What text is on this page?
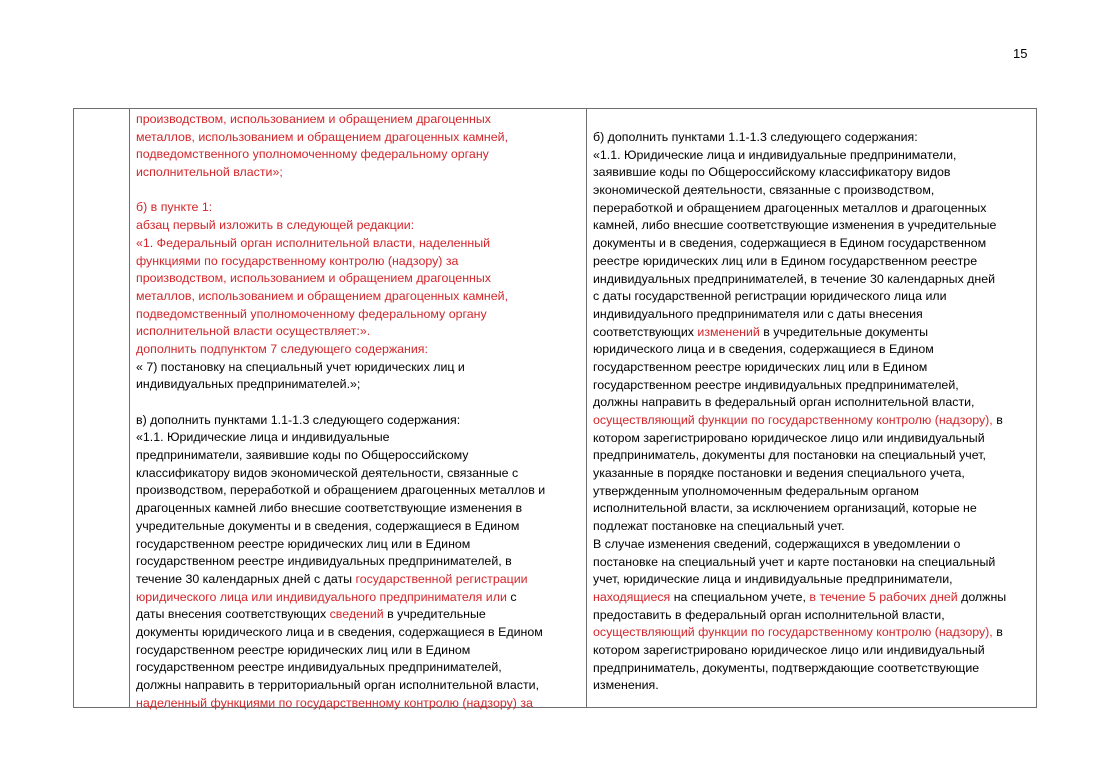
15
производством, использованием и обращением драгоценных
металлов, использованием и обращением драгоценных камней,
подведомственного уполномоченному федеральному органу
исполнительной власти»;
б) в пункте 1:
абзац первый изложить в следующей редакции:
«1. Федеральный орган исполнительной власти, наделенный
функциями по государственному контролю (надзору) за
производством, использованием и обращением драгоценных
металлов, использованием и обращением драгоценных камней,
подведомственный уполномоченному федеральному органу
исполнительной власти осуществляет:».
дополнить подпунктом 7 следующего содержания:
« 7) постановку на специальный учет юридических лиц и
индивидуальных предпринимателей.»;
в) дополнить пунктами 1.1-1.3 следующего содержания:
«1.1. Юридические лица и индивидуальные
предприниматели, заявившие коды по Общероссийскому
классификатору видов экономической деятельности, связанные с
производством, переработкой и обращением драгоценных металлов и
драгоценных камней либо внесшие соответствующие изменения в
учредительные документы и в сведения, содержащиеся в Едином
государственном реестре юридических лиц или в Едином
государственном реестре индивидуальных предпринимателей, в
течение 30 календарных дней с даты государственной регистрации
юридического лица или индивидуального предпринимателя или с
даты внесения соответствующих сведений в учредительные
документы юридического лица и в сведения, содержащиеся в Едином
государственном реестре юридических лиц или в Едином
государственном реестре индивидуальных предпринимателей,
должны направить в территориальный орган исполнительной власти,
наделенный функциями по государственному контролю (надзору) за
б) дополнить пунктами 1.1-1.3 следующего содержания:
«1.1. Юридические лица и индивидуальные предприниматели,
заявившие коды по Общероссийскому классификатору видов
экономической деятельности, связанные с производством,
переработкой и обращением драгоценных металлов и драгоценных
камней, либо внесшие соответствующие изменения в учредительные
документы и в сведения, содержащиеся в Едином государственном
реестре юридических лиц или в Едином государственном реестре
индивидуальных предпринимателей, в течение 30 календарных дней
с даты государственной регистрации юридического лица или
индивидуального предпринимателя или с даты внесения
соответствующих изменений в учредительные документы
юридического лица и в сведения, содержащиеся в Едином
государственном реестре юридических лиц или в Едином
государственном реестре индивидуальных предпринимателей,
должны направить в федеральный орган исполнительной власти,
осуществляющий функции по государственному контролю (надзору), в
котором зарегистрировано юридическое лицо или индивидуальный
предприниматель, документы для постановки на специальный учет,
указанные в порядке постановки и ведения специального учета,
утвержденным уполномоченным федеральным органом
исполнительной власти, за исключением организаций, которые не
подлежат постановке на специальный учет.
В случае изменения сведений, содержащихся в уведомлении о
постановке на специальный учет и карте постановки на специальный
учет, юридические лица и индивидуальные предприниматели,
находящиеся на специальном учете, в течение 5 рабочих дней должны
предоставить в федеральный орган исполнительной власти,
осуществляющий функции по государственному контролю (надзору), в
котором зарегистрировано юридическое лицо или индивидуальный
предприниматель, документы, подтверждающие соответствующие
изменения.
